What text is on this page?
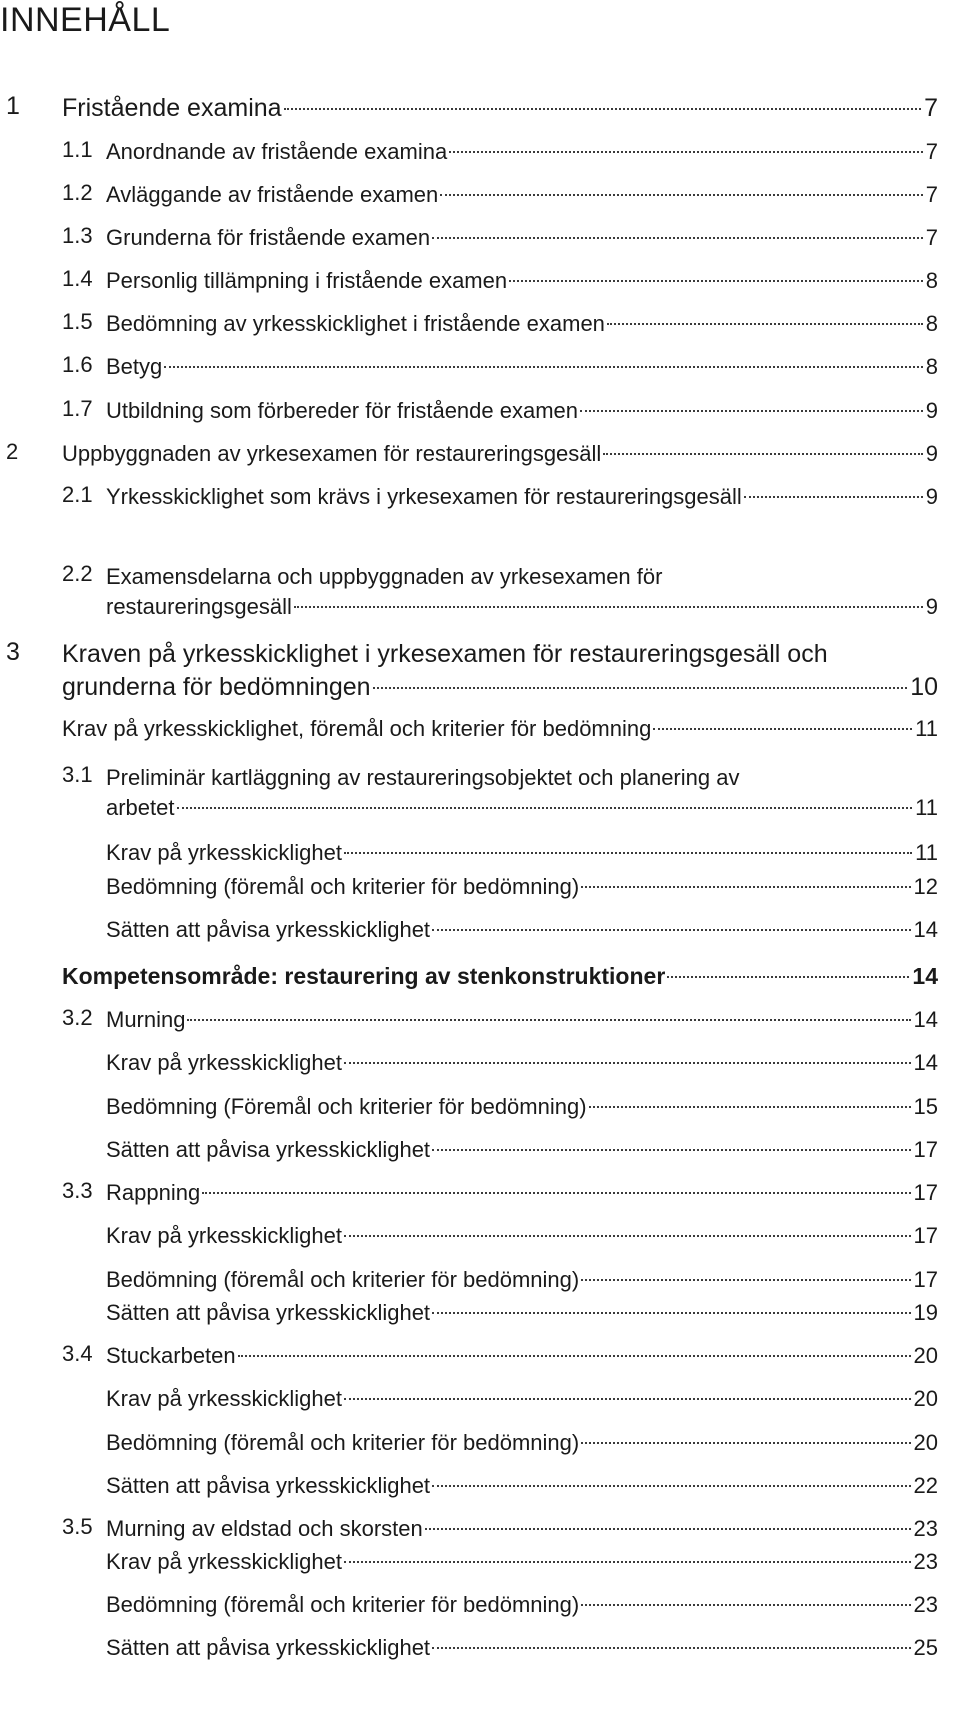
INNEHÅLL
1 Fristående examina	7
1.1 Anordnande av fristående examina	7
1.2 Avläggande av fristående examen	7
1.3 Grunderna för fristående examen	7
1.4 Personlig tillämpning i fristående examen	8
1.5 Bedömning av yrkesskicklighet i fristående examen	8
1.6 Betyg	8
1.7 Utbildning som förbereder för fristående examen	9
2 Uppbyggnaden av yrkesexamen för restaureringsgesäll	9
2.1 Yrkesskicklighet som krävs i yrkesexamen för restaureringsgesäll	9
2.2 Examensdelarna och uppbyggnaden av yrkesexamen för
restaureringsgesäll	9
3 Kraven på yrkesskicklighet i yrkesexamen för restaureringsgesäll och
grunderna för bedömningen	10
Krav på yrkesskicklighet, föremål och kriterier för bedömning	11
3.1 Preliminär kartläggning av restaureringsobjektet och planering av
arbetet	11
Krav på yrkesskicklighet	11
Bedömning (föremål och kriterier för bedömning)	12
Sätten att påvisa yrkesskicklighet	14
Kompetensområde: restaurering av stenkonstruktioner	14
3.2 Murning	14
Krav på yrkesskicklighet	14
Bedömning (Föremål och kriterier för bedömning)	15
Sätten att påvisa yrkesskicklighet	17
3.3 Rappning	17
Krav på yrkesskicklighet	17
Bedömning (föremål och kriterier för bedömning)	17
Sätten att påvisa yrkesskicklighet	19
3.4 Stuckarbeten	20
Krav på yrkesskicklighet	20
Bedömning (föremål och kriterier för bedömning)	20
Sätten att påvisa yrkesskicklighet	22
3.5 Murning av eldstad och skorsten	23
Krav på yrkesskicklighet	23
Bedömning (föremål och kriterier för bedömning)	23
Sätten att påvisa yrkesskicklighet	25
